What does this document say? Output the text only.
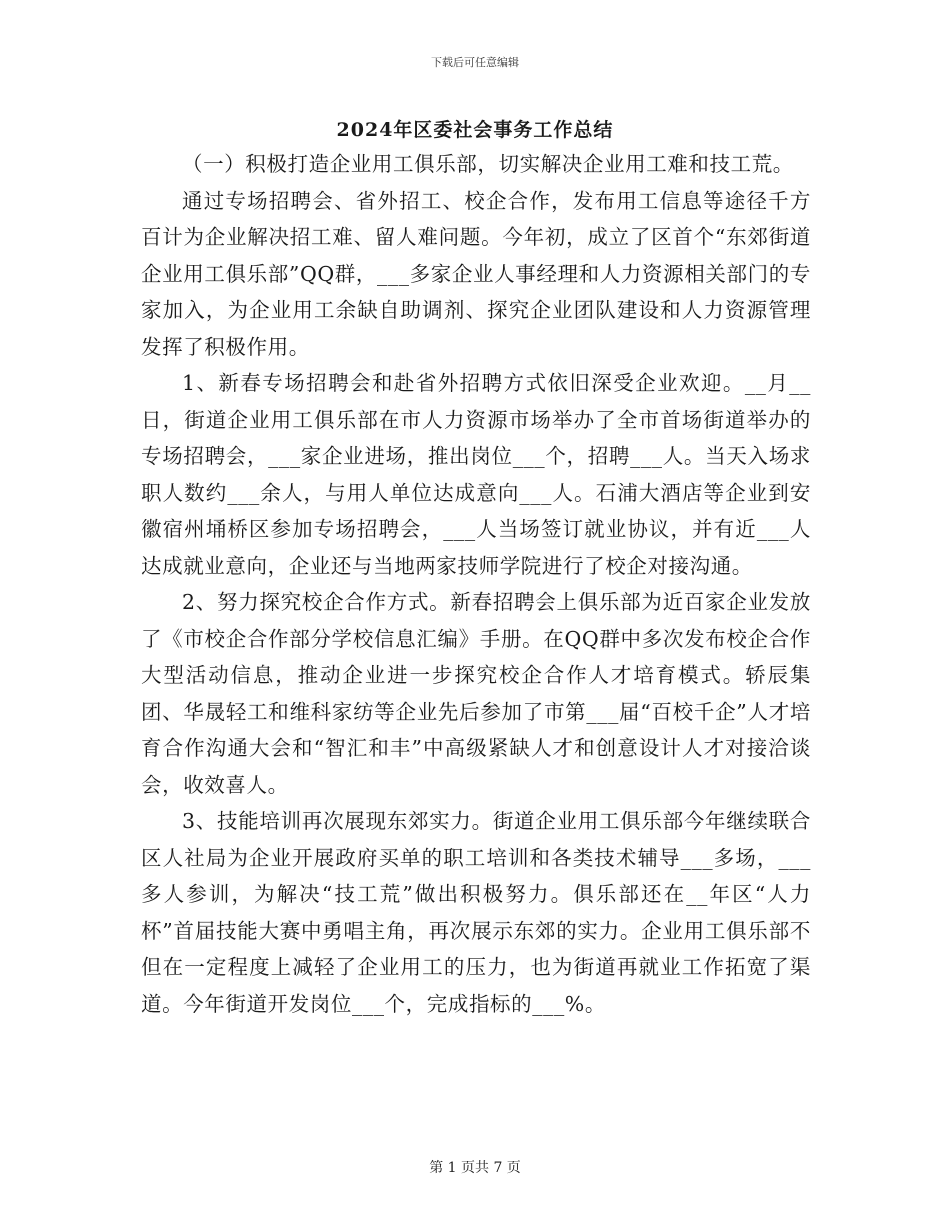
下载后可任意编辑
2024年区委社会事务工作总结

（一）积极打造企业用工俱乐部，切实解决企业用工难和技工荒。

通过专场招聘会、省外招工、校企合作，发布用工信息等途径千方百计为企业解决招工难、留人难问题。今年初，成立了区首个“东郊街道企业用工俱乐部”QQ群，___多家企业人事经理和人力资源相关部门的专家加入，为企业用工余缺自助调剂、探究企业团队建设和人力资源管理发挥了积极作用。

1、新春专场招聘会和赴省外招聘方式依旧深受企业欢迎。__月__日，街道企业用工俱乐部在市人力资源市场举办了全市首场街道举办的专场招聘会，___家企业进场，推出岗位___个，招聘___人。当天入场求职人数约___余人，与用人单位达成意向___人。石浦大酒店等企业到安徽宿州埇桥区参加专场招聘会，___人当场签订就业协议，并有近___人达成就业意向，企业还与当地两家技师学院进行了校企对接沟通。

2、努力探究校企合作方式。新春招聘会上俱乐部为近百家企业发放了《市校企合作部分学校信息汇编》手册。在QQ群中多次发布校企合作大型活动信息，推动企业进一步探究校企合作人才培育模式。轿辰集团、华晟轻工和维科家纺等企业先后参加了市第___届“百校千企”人才培育合作沟通大会和“智汇和丰”中高级紧缺人才和创意设计人才对接洽谈会，收效喜人。

3、技能培训再次展现东郊实力。街道企业用工俱乐部今年继续联合区人社局为企业开展政府买单的职工培训和各类技术辅导___多场，___多人参训，为解决“技工荒”做出积极努力。俱乐部还在__年区“人力杯”首届技能大赛中勇唱主角，再次展示东郊的实力。企业用工俱乐部不但在一定程度上减轻了企业用工的压力，也为街道再就业工作拓宽了渠道。今年街道开发岗位___个，完成指标的___%。

第 1 页共 7 页
